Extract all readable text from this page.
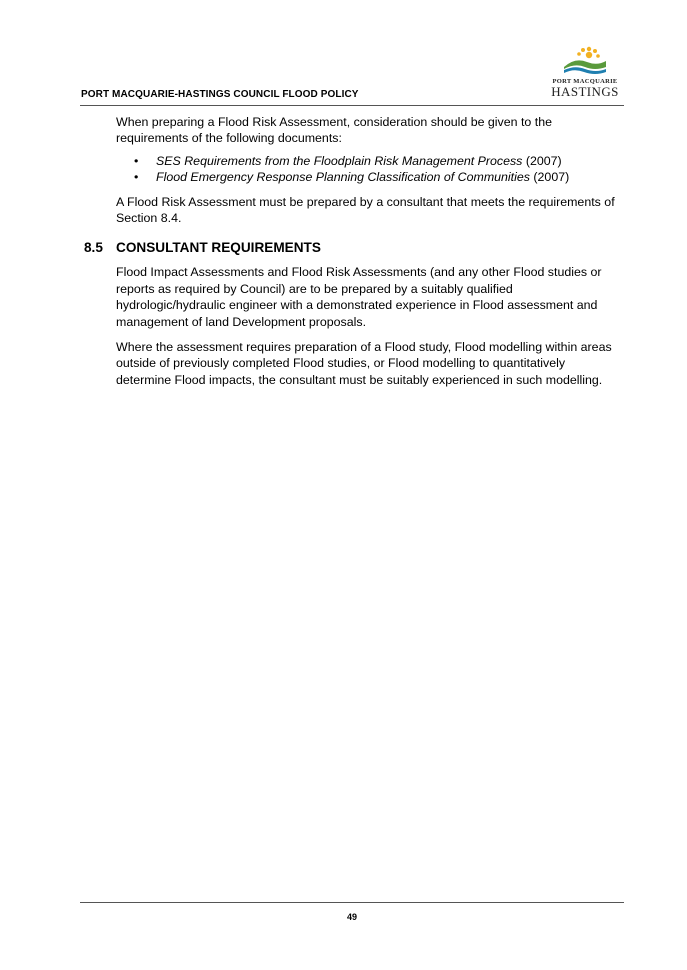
PORT MACQUARIE-HASTINGS COUNCIL FLOOD POLICY
PORT MACQUARIE
HASTINGS

When preparing a Flood Risk Assessment, consideration should be given to the requirements of the following documents:

• SES Requirements from the Floodplain Risk Management Process (2007)
• Flood Emergency Response Planning Classification of Communities (2007)

A Flood Risk Assessment must be prepared by a consultant that meets the requirements of Section 8.4.

8.5 CONSULTANT REQUIREMENTS

Flood Impact Assessments and Flood Risk Assessments (and any other Flood studies or reports as required by Council) are to be prepared by a suitably qualified hydrologic/hydraulic engineer with a demonstrated experience in Flood assessment and management of land Development proposals.

Where the assessment requires preparation of a Flood study, Flood modelling within areas outside of previously completed Flood studies, or Flood modelling to quantitatively determine Flood impacts, the consultant must be suitably experienced in such modelling.

49
